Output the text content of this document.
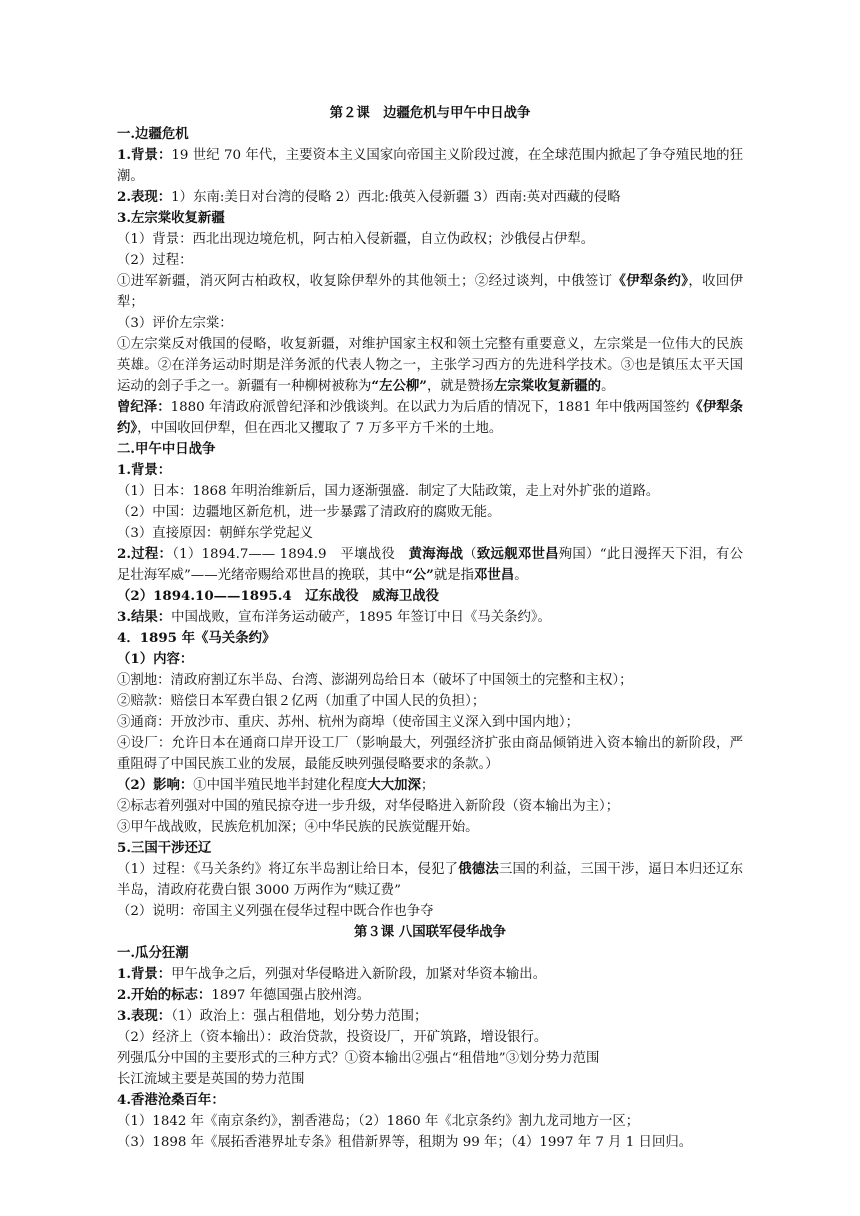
第２课　边疆危机与甲午中日战争
一.边疆危机
1.背景：19 世纪 70 年代，主要资本主义国家向帝国主义阶段过渡，在全球范围内掀起了争夺殖民地的狂潮。
2.表现：1）东南:美日对台湾的侵略 2）西北:俄英入侵新疆 3）西南:英对西藏的侵略
3.左宗棠收复新疆
（1）背景：西北出现边境危机，阿古柏入侵新疆，自立伪政权；沙俄侵占伊犁。
（2）过程：
①进军新疆，消灭阿古柏政权，收复除伊犁外的其他领土；②经过谈判，中俄签订《伊犁条约》，收回伊犁；
（3）评价左宗棠：
①左宗棠反对俄国的侵略，收复新疆，对维护国家主权和领土完整有重要意义，左宗棠是一位伟大的民族英雄。②在洋务运动时期是洋务派的代表人物之一，主张学习西方的先进科学技术。③也是镇压太平天国运动的刽子手之一。新疆有一种柳树被称为“左公柳”，就是赞扬左宗棠收复新疆的。
曾纪泽：1880 年清政府派曾纪泽和沙俄谈判。在以武力为后盾的情况下，1881 年中俄两国签约《伊犁条约》，中国收回伊犁，但在西北又攫取了 7 万多平方千米的土地。
二.甲午中日战争
1.背景：
（1）日本：1868 年明治维新后，国力逐渐强盛．制定了大陆政策，走上对外扩张的道路。
（2）中国：边疆地区新危机，进一步暴露了清政府的腐败无能。
（3）直接原因：朝鲜东学党起义
2.过程：（1）1894.7—— 1894.9　平壤战役　黄海海战（致远舰邓世昌殉国）“此日漫挥天下泪，有公足壮海军威”——光绪帝赐给邓世昌的挽联，其中“公”就是指邓世昌。
（2）1894.10——1895.4　辽东战役　威海卫战役
3.结果：中国战败，宣布洋务运动破产，1895 年签订中日《马关条约》。
4．1895 年《马关条约》
（1）内容：
①割地：清政府割辽东半岛、台湾、澎湖列岛给日本（破坏了中国领土的完整和主权）；
②赔款：赔偿日本军费白银２亿两（加重了中国人民的负担）；
③通商：开放沙市、重庆、苏州、杭州为商埠（使帝国主义深入到中国内地）；
④设厂：允许日本在通商口岸开设工厂（影响最大，列强经济扩张由商品倾销进入资本输出的新阶段，严重阻碍了中国民族工业的发展，最能反映列强侵略要求的条款。）
（2）影响：①中国半殖民地半封建化程度大大加深；
②标志着列强对中国的殖民掠夺进一步升级，对华侵略进入新阶段（资本输出为主）；
③甲午战战败，民族危机加深；④中华民族的民族觉醒开始。
5.三国干涉还辽
（1）过程：《马关条约》将辽东半岛割让给日本，侵犯了俄德法三国的利益，三国干涉，逼日本归还辽东半岛，清政府花费白银 3000 万两作为“赎辽费”
（2）说明：帝国主义列强在侵华过程中既合作也争夺
第３课 八国联军侵华战争
一.瓜分狂潮
1.背景：甲午战争之后，列强对华侵略进入新阶段，加紧对华资本输出。
2.开始的标志：1897 年德国强占胶州湾。
3.表现：（1）政治上：强占租借地，划分势力范围；
（2）经济上（资本输出）：政治贷款，投资设厂，开矿筑路，增设银行。
列强瓜分中国的主要形式的三种方式？①资本输出②强占“租借地”③划分势力范围
长江流域主要是英国的势力范围
4.香港沧桑百年：
（1）1842 年《南京条约》，割香港岛；（2）1860 年《北京条约》割九龙司地方一区；
（3）1898 年《展拓香港界址专条》租借新界等，租期为 99 年；（4）1997 年 7 月 1 日回归。
